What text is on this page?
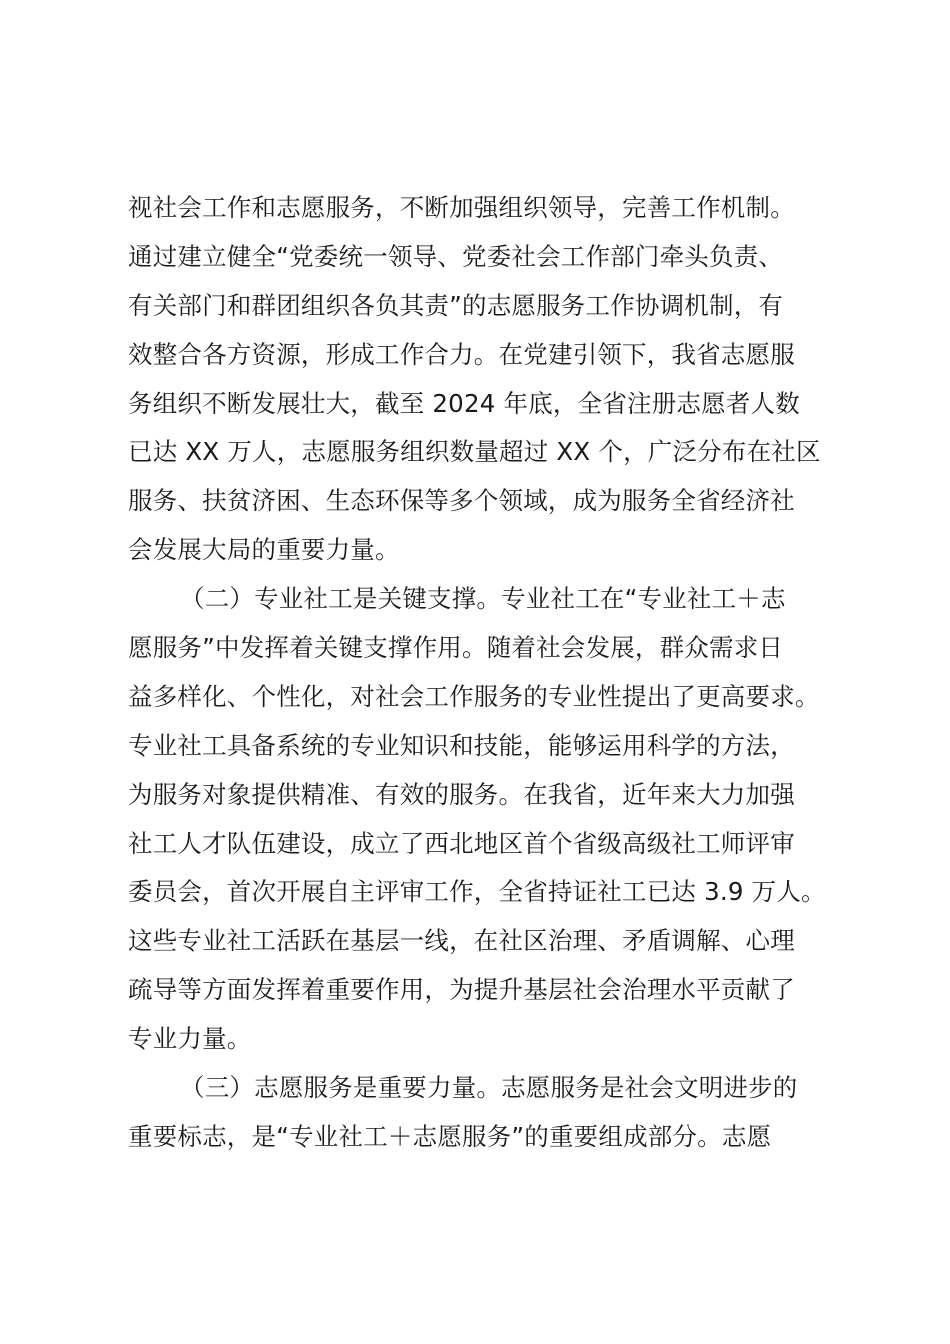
视社会工作和志愿服务，不断加强组织领导，完善工作机制。
通过建立健全“党委统一领导、党委社会工作部门牵头负责、
有关部门和群团组织各负其责”的志愿服务工作协调机制，有
效整合各方资源，形成工作合力。在党建引领下，我省志愿服
务组织不断发展壮大，截至 2024 年底，全省注册志愿者人数
已达 XX 万人，志愿服务组织数量超过 XX 个，广泛分布在社区
服务、扶贫济困、生态环保等多个领域，成为服务全省经济社
会发展大局的重要力量。
（二）专业社工是关键支撑。专业社工在“专业社工＋志
愿服务”中发挥着关键支撑作用。随着社会发展，群众需求日
益多样化、个性化，对社会工作服务的专业性提出了更高要求。
专业社工具备系统的专业知识和技能，能够运用科学的方法，
为服务对象提供精准、有效的服务。在我省，近年来大力加强
社工人才队伍建设，成立了西北地区首个省级高级社工师评审
委员会，首次开展自主评审工作，全省持证社工已达 3.9 万人。
这些专业社工活跃在基层一线，在社区治理、矛盾调解、心理
疏导等方面发挥着重要作用，为提升基层社会治理水平贡献了
专业力量。
（三）志愿服务是重要力量。志愿服务是社会文明进步的
重要标志，是“专业社工＋志愿服务”的重要组成部分。志愿
